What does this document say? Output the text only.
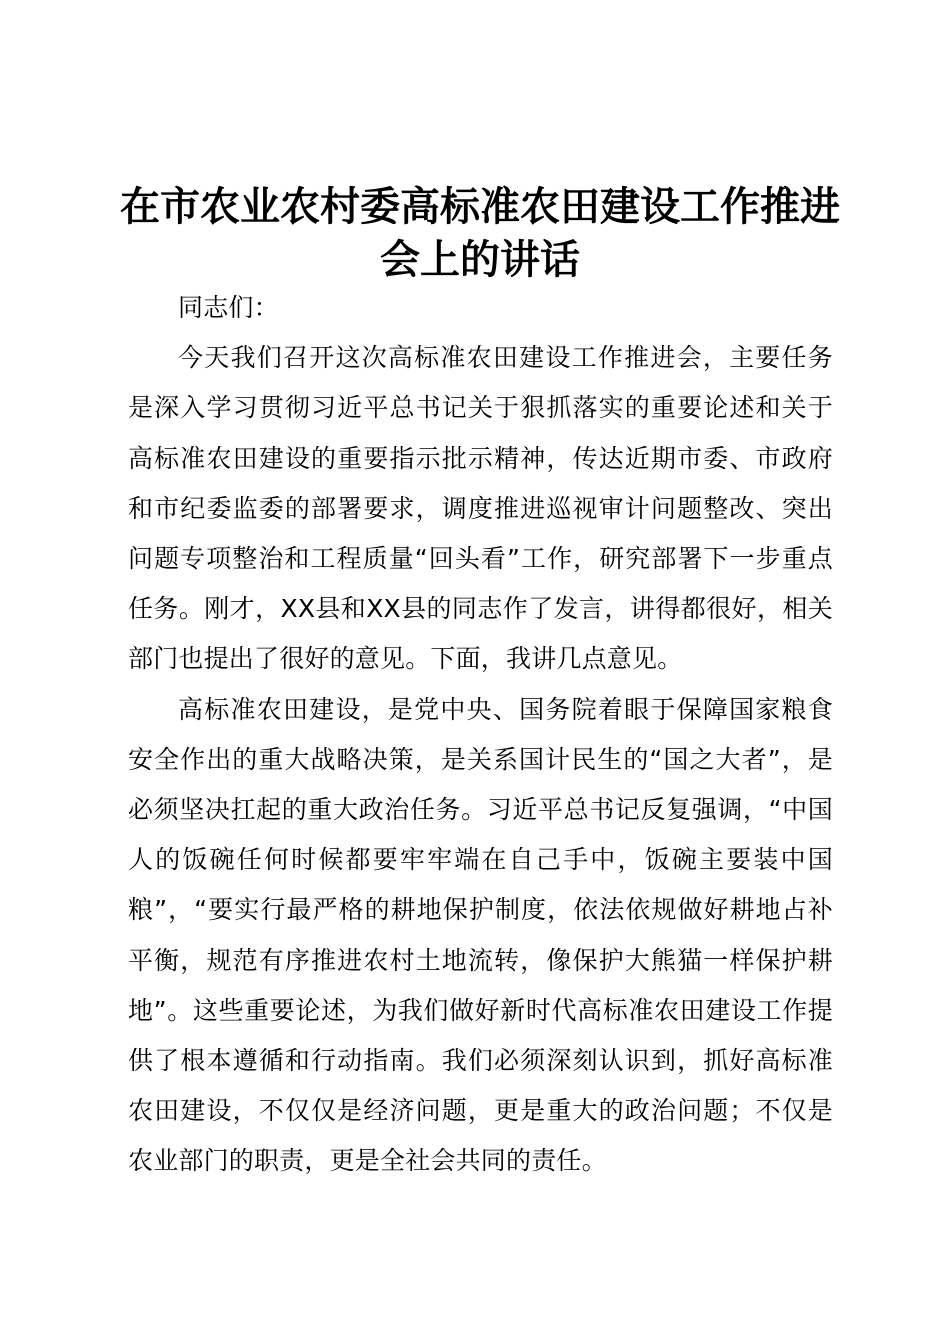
在市农业农村委高标准农田建设工作推进会上的讲话

同志们：

今天我们召开这次高标准农田建设工作推进会，主要任务是深入学习贯彻习近平总书记关于狠抓落实的重要论述和关于高标准农田建设的重要指示批示精神，传达近期市委、市政府和市纪委监委的部署要求，调度推进巡视审计问题整改、突出问题专项整治和工程质量“回头看”工作，研究部署下一步重点任务。刚才，XX县和XX县的同志作了发言，讲得都很好，相关部门也提出了很好的意见。下面，我讲几点意见。

高标准农田建设，是党中央、国务院着眼于保障国家粮食安全作出的重大战略决策，是关系国计民生的“国之大者”，是必须坚决扛起的重大政治任务。习近平总书记反复强调，“中国人的饭碗任何时候都要牢牢端在自己手中，饭碗主要装中国粮”，“要实行最严格的耕地保护制度，依法依规做好耕地占补平衡，规范有序推进农村土地流转，像保护大熊猫一样保护耕地”。这些重要论述，为我们做好新时代高标准农田建设工作提供了根本遵循和行动指南。我们必须深刻认识到，抓好高标准农田建设，不仅仅是经济问题，更是重大的政治问题；不仅是农业部门的职责，更是全社会共同的责任。
